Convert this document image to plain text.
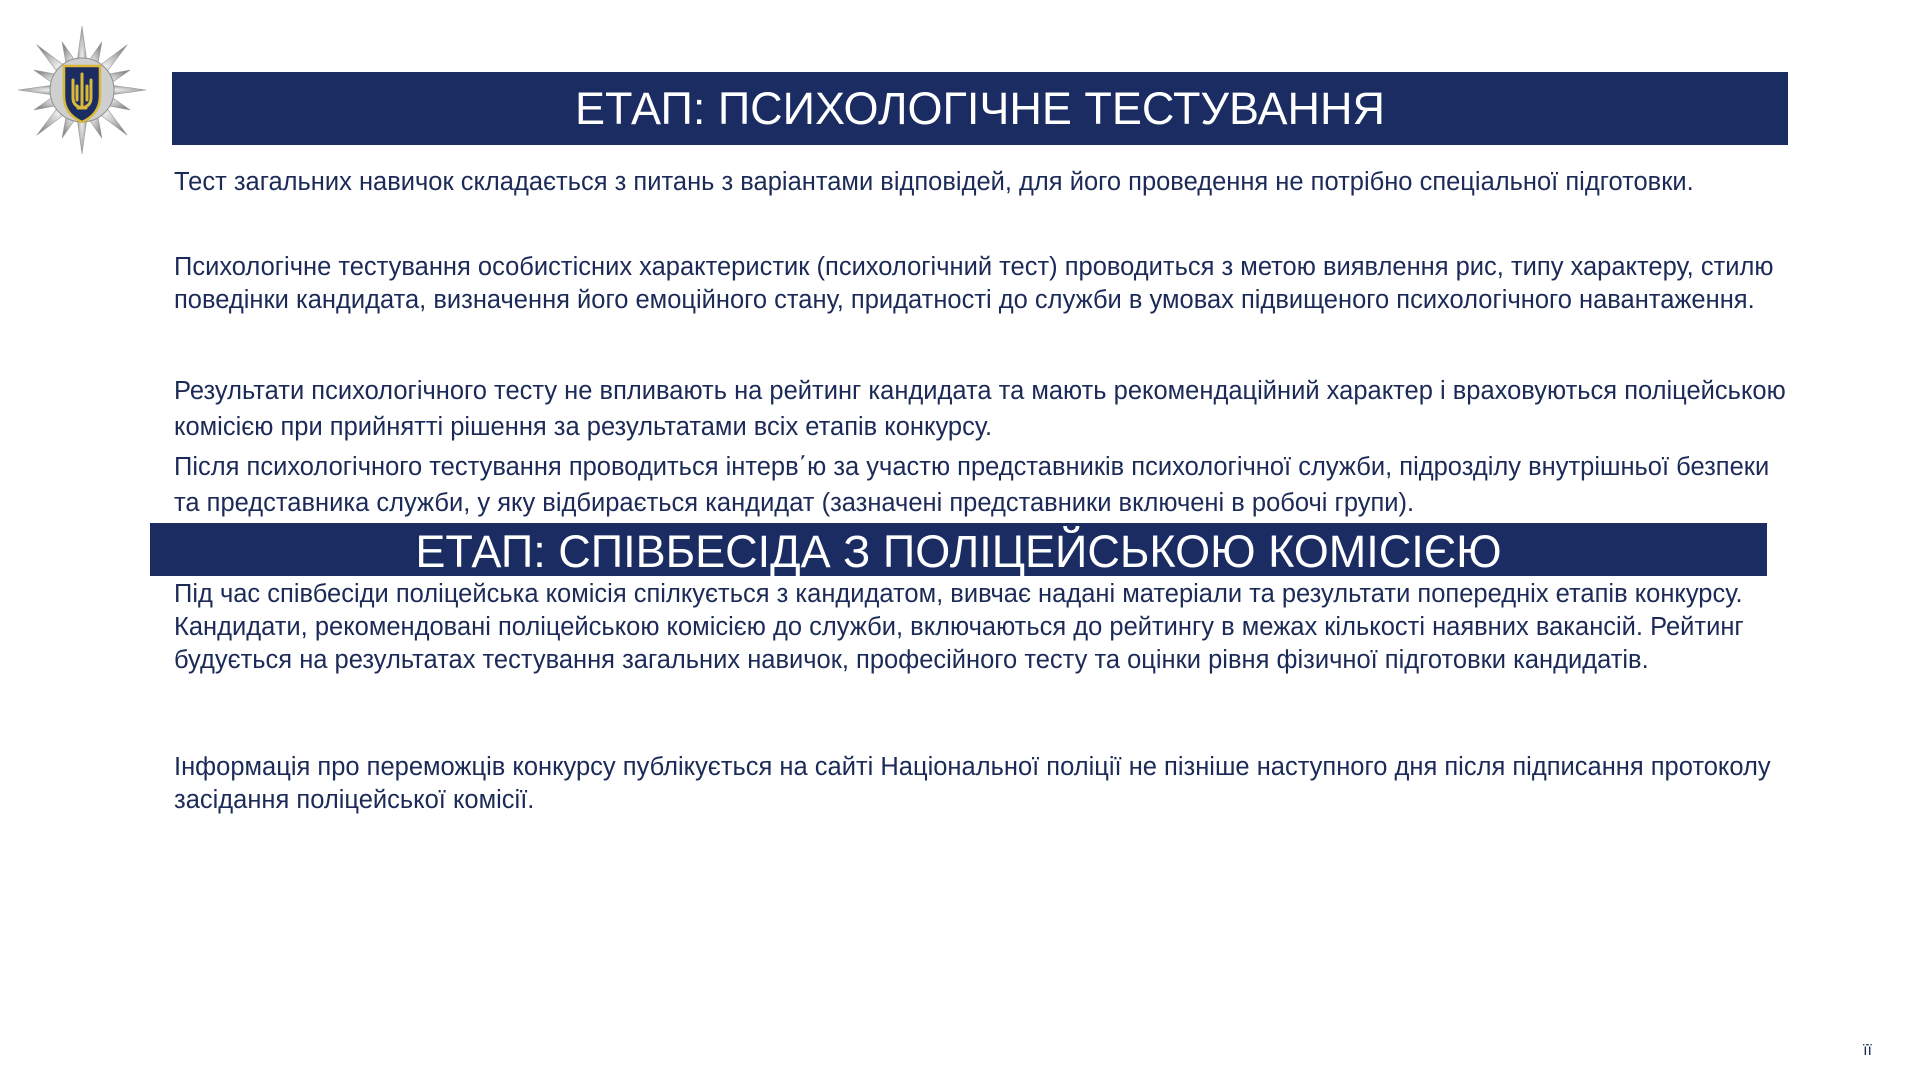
ЕТАП: ПСИХОЛОГІЧНЕ ТЕСТУВАННЯ

Тест загальних навичок складається з питань з варіантами відповідей, для його проведення не потрібно спеціальної підготовки.

Психологічне тестування особистісних характеристик (психологічний тест) проводиться з метою виявлення рис, типу характеру, стилю поведінки кандидата, визначення його емоційного стану, придатності до служби в умовах підвищеного психологічного навантаження.

Результати психологічного тесту не впливають на рейтинг кандидата та мають рекомендаційний характер і враховуються поліцейською комісією при прийнятті рішення за результатами всіх етапів конкурсу.

Після психологічного тестування проводиться інтерв΄ю за участю представників психологічної служби, підрозділу внутрішньої безпеки та представника служби, у яку відбирається кандидат (зазначені представники включені в робочі групи).

ЕТАП: СПІВБЕСІДА З ПОЛІЦЕЙСЬКОЮ КОМІСІЄЮ

Під час співбесіди поліцейська комісія спілкується з кандидатом, вивчає надані матеріали та результати попередніх етапів конкурсу.
Кандидати, рекомендовані поліцейською комісією до служби, включаються до рейтингу в межах кількості наявних вакансій. Рейтинг будується на результатах тестування загальних навичок, професійного тесту та оцінки рівня фізичної підготовки кандидатів.

Інформація про переможців конкурсу публікується на сайті Національної поліції не пізніше наступного дня після підписання протоколу засідання поліцейської комісії.

її
